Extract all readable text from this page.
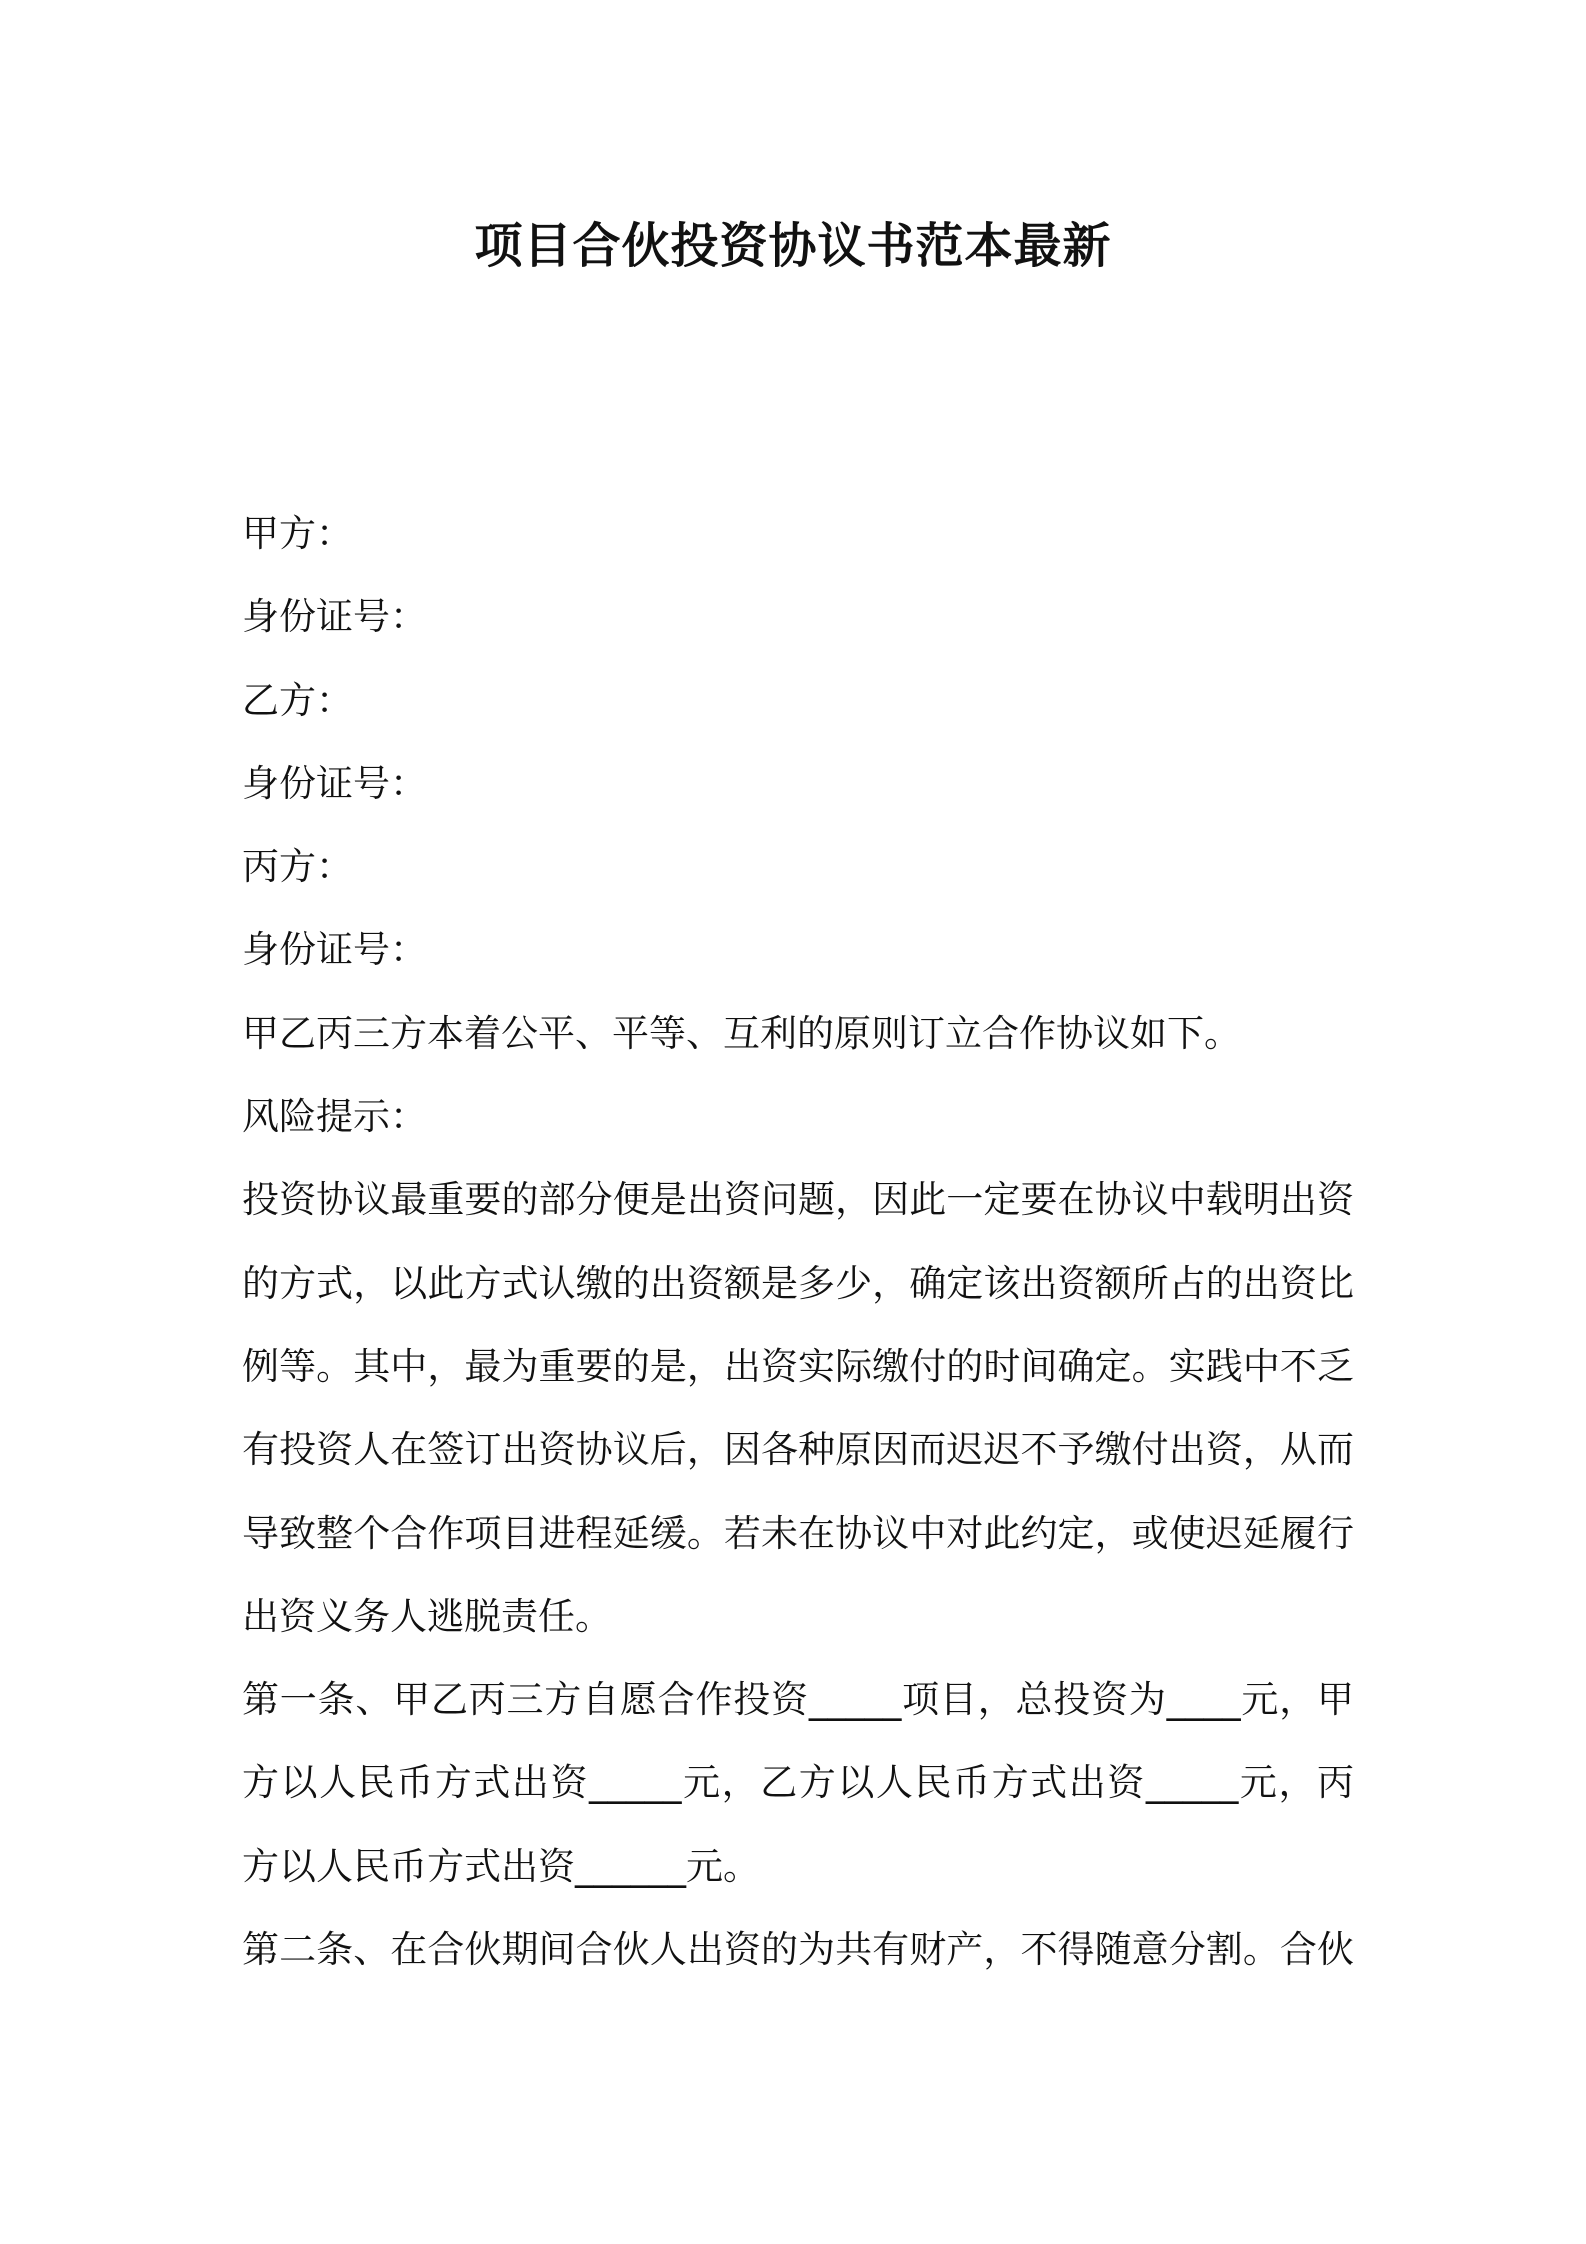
项目合伙投资协议书范本最新
甲方：
身份证号：
乙方：
身份证号：
丙方：
身份证号：
甲乙丙三方本着公平、平等、互利的原则订立合作协议如下。
风险提示：
投资协议最重要的部分便是出资问题，因此一定要在协议中载明出资
的方式，以此方式认缴的出资额是多少，确定该出资额所占的出资比
例等。其中，最为重要的是，出资实际缴付的时间确定。实践中不乏
有投资人在签订出资协议后，因各种原因而迟迟不予缴付出资，从而
导致整个合作项目进程延缓。若未在协议中对此约定，或使迟延履行
出资义务人逃脱责任。
第一条、甲乙丙三方自愿合作投资_____项目，总投资为____元，甲
方以人民币方式出资_____元，乙方以人民币方式出资_____元，丙
方以人民币方式出资______元。
第二条、在合伙期间合伙人出资的为共有财产，不得随意分割。合伙
